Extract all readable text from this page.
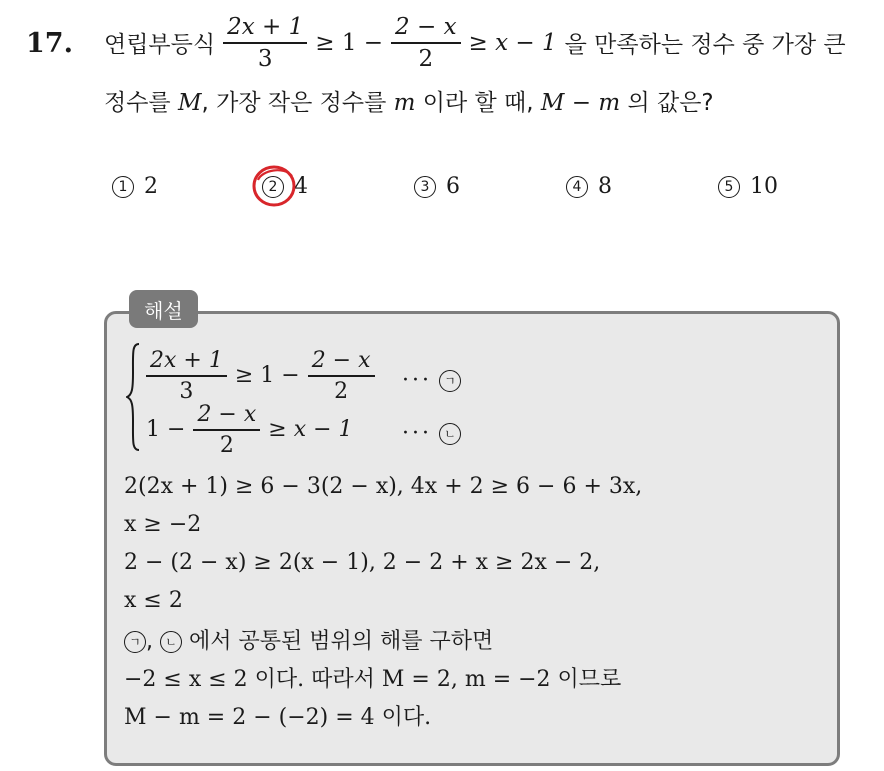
17. 연립부등식 $\frac{2x + 1}{3} \ge 1 - \frac{2 - x}{2} \ge x - 1$ 을 만족하는 정수 중 가장 큰
정수를 M, 가장 작은 정수를 m 이라 할 때, M − m 의 값은?
1 2	2 4	3 6	4 8	5 10
해설
$\frac{2x + 1}{3} \ge 1 - \frac{2 - x}{2}$ ··· ㄱ
$1 - \frac{2 - x}{2} \ge x - 1$ ··· ㄴ
2(2x + 1) ≥ 6 − 3(2 − x), 4x + 2 ≥ 6 − 6 + 3x,
x ≥ −2
2 − (2 − x) ≥ 2(x − 1), 2 − 2 + x ≥ 2x − 2,
x ≤ 2
ㄱ , ㄴ 에서 공통된 범위의 해를 구하면
−2 ≤ x ≤ 2 이다. 따라서 M = 2, m = −2 이므로
M − m = 2 − (−2) = 4 이다.
